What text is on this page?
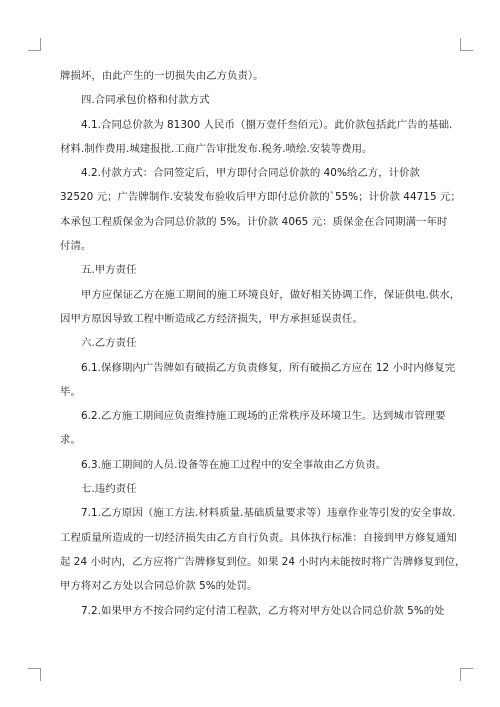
牌损坏，由此产生的一切损失由乙方负责）。
四.合同承包价格和付款方式
4.1.合同总价款为 81300 人民币（捌万壹仟叁佰元）。此价款包括此广告的基础.
材料.制作费用.城建报批.工商广告审批发布.税务.喷绘.安装等费用。
4.2.付款方式：合同签定后，甲方即付合同总价款的 40%给乙方，计价款
32520 元；广告牌制作.安装发布验收后甲方即付总价款的`55%；计价款 44715 元；
本承包工程质保金为合同总价款的 5%。计价款 4065 元：质保金在合同期满一年时
付清。
五.甲方责任
甲方应保证乙方在施工期间的施工环境良好，做好相关协调工作，保证供电.供水，
因甲方原因导致工程中断造成乙方经济损失，甲方承担延误责任。
六.乙方责任
6.1.保修期内广告牌如有破损乙方负责修复，所有破损乙方应在 12 小时内修复完
毕。
6.2.乙方施工期间应负责维持施工现场的正常秩序及环境卫生。达到城市管理要
求。
6.3.施工期间的人员.设备等在施工过程中的安全事故由乙方负责。
七.违约责任
7.1.乙方原因（施工方法.材料质量.基础质量要求等）违章作业等引发的安全事故.
工程质量所造成的一切经济损失由乙方自行负责。具体执行标准：自接到甲方修复通知
起 24 小时内，乙方应将广告牌修复到位。如果 24 小时内未能按时将广告牌修复到位，
甲方将对乙方处以合同总价款 5%的处罚。
7.2.如果甲方不按合同约定付清工程款，乙方将对甲方处以合同总价款 5%的处
